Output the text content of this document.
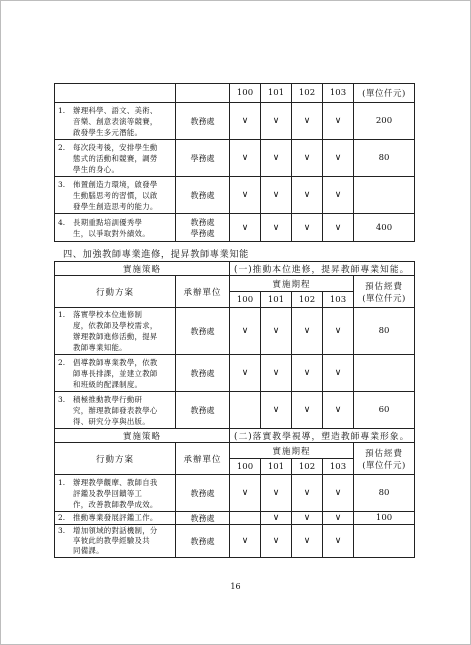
		100	101	102	103	(單位仟元)

1. 辦理科學、語文、美術、
音樂、創意表演等競賽，
啟發學生多元潛能。	教務處	∨	∨	∨	∨	200

2. 每次段考後，安排學生動
態式的活動和競賽，調勞
學生的身心。	學務處	∨	∨	∨	∨	80

3. 佈置創造力環境，啟發學
生動腦思考的習慣，以啟
發學生創造思考的能力。	教務處	∨	∨	∨	∨	

4. 長期重點培訓優秀學
生，以爭取對外績效。	教務處
學務處	∨	∨	∨	∨	400
四、加強教師專業進修，提昇教師專業知能
實施策略		(一)推動本位進修，提昇教師專業知能。				
行動方案	承辦單位	實施期程				預估經費
(單位仟元)
		100	101	102	103	

1. 落實學校本位進修制
度，依教師及學校需求，
辦理教師進修活動，提昇
教師專業知能。	教務處	∨	∨	∨	∨	80

2. 倡導教師專業教學，依教
師專長排課，並建立教師
和班級的配課制度。	教務處	∨	∨	∨	∨	

3. 積極推動教學行動研
究，辦理教師發表教學心
得、研究分享與出版。	教務處		∨	∨	∨	60
實施策略		(二)落實教學視導，塑造教師專業形象。				
行動方案	承辦單位	實施期程				預估經費
(單位仟元)
		100	101	102	103	

1. 辦理教學觀摩、教師自我
評鑑及教學回饋等工
作，改善教師教學成效。	教務處	∨	∨	∨	∨	80

2. 推動專業發展評鑑工作。	教務處		∨	∨	∨	100

3. 增加領域的對話機制，分
享彼此的教學經驗及共
同備課。	教務處	∨	∨	∨	∨	
16
